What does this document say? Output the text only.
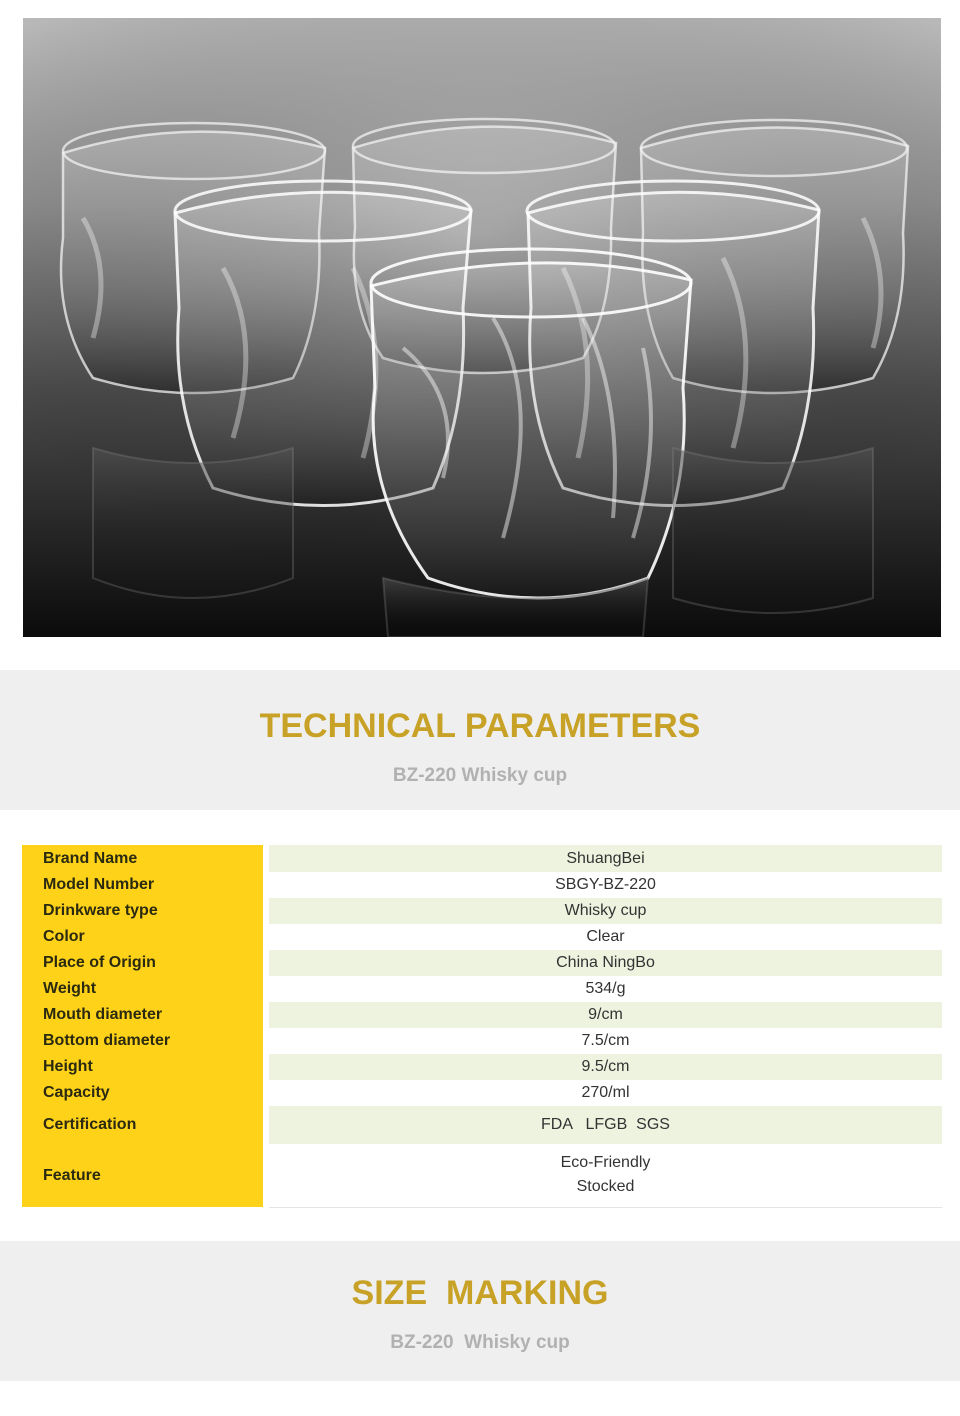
TECHNICAL PARAMETERS
BZ-220 Whisky cup
Brand Name		ShuangBei
Model Number		SBGY-BZ-220
Drinkware type		Whisky cup
Color		Clear
Place of Origin		China NingBo
Weight		534/g
Mouth diameter		9/cm
Bottom diameter		7.5/cm
Height		9.5/cm
Capacity		270/ml
Certification		FDA   LFGB  SGS
Feature		Eco-Friendly
Stocked
SIZE  MARKING
BZ-220  Whisky cup
